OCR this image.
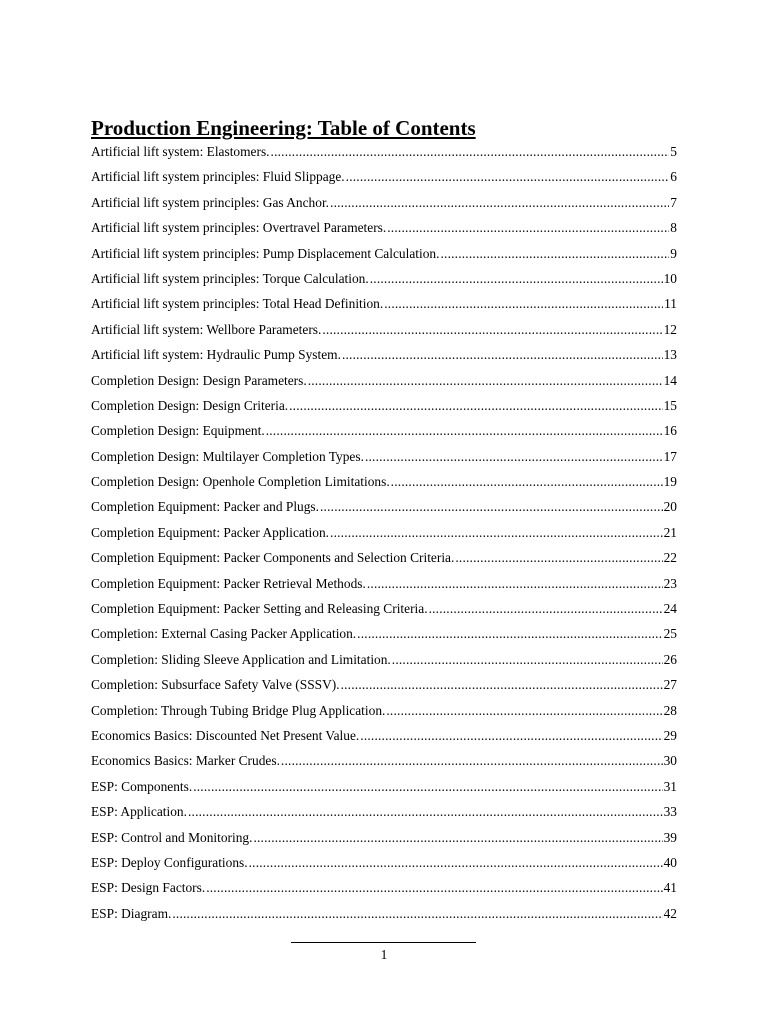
Production Engineering: Table of Contents
Artificial lift system: Elastomers. .....	5
Artificial lift system principles: Fluid Slippage. .....	6
Artificial lift system principles: Gas Anchor. .....	7
Artificial lift system principles: Overtravel Parameters. .....	8
Artificial lift system principles: Pump Displacement Calculation. .....	9
Artificial lift system principles: Torque Calculation. .....	10
Artificial lift system principles: Total Head Definition. .....	11
Artificial lift system: Wellbore Parameters. .....	12
Artificial lift system: Hydraulic Pump System. .....	13
Completion Design: Design Parameters. .....	14
Completion Design: Design Criteria. .....	15
Completion Design: Equipment. .....	16
Completion Design: Multilayer Completion Types. .....	17
Completion Design: Openhole Completion Limitations. .....	19
Completion Equipment: Packer and Plugs. .....	20
Completion Equipment: Packer Application. .....	21
Completion Equipment: Packer Components and Selection Criteria. .....	22
Completion Equipment: Packer Retrieval Methods. .....	23
Completion Equipment: Packer Setting and Releasing Criteria. .....	24
Completion: External Casing Packer Application. .....	25
Completion: Sliding Sleeve Application and Limitation. .....	26
Completion: Subsurface Safety Valve (SSSV). .....	27
Completion: Through Tubing Bridge Plug Application. .....	28
Economics Basics: Discounted Net Present Value. .....	29
Economics Basics: Marker Crudes. .....	30
ESP: Components. .....	31
ESP: Application. .....	33
ESP: Control and Monitoring. .....	39
ESP: Deploy Configurations. .....	40
ESP: Design Factors. .....	41
ESP: Diagram. .....	42
1
